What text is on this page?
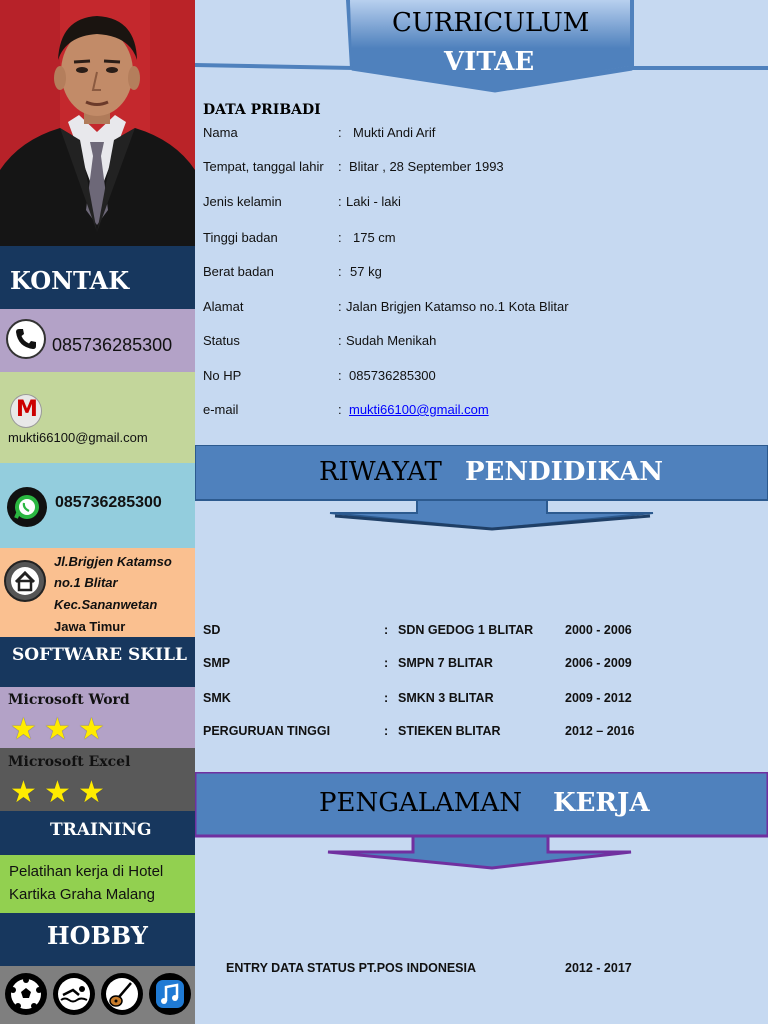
KONTAK
085736285300
M
mukti66100@gmail.com
085736285300
Jl.Brigjen Katamso
no.1 Blitar
Kec.Sananwetan
Jawa Timur
SOFTWARE SKILL
Microsoft Word
★ ★ ★
Microsoft Excel
★ ★ ★
TRAINING
Pelatihan kerja di Hotel Kartika Graha Malang
HOBBY
CURRICULUM
VITAE
DATA PRIBADI
Nama	: Mukti Andi Arif
Tempat, tanggal lahir : Blitar , 28 September 1993
Jenis kelamin	: Laki - laki
Tinggi badan	: 175 cm
Berat badan	: 57 kg
Alamat	: Jalan Brigjen Katamso no.1 Kota Blitar
Status	: Sudah Menikah
No HP	: 085736285300
e-mail	: mukti66100@gmail.com
RIWAYAT PENDIDIKAN
SD	: SDN GEDOG 1 BLITAR	2000 - 2006
SMP	: SMPN 7 BLITAR	2006 - 2009
SMK	: SMKN 3 BLITAR	2009 - 2012
PERGURUAN TINGGI	: STIEKEN BLITAR	2012 – 2016
PENGALAMAN KERJA
ENTRY DATA STATUS PT.POS INDONESIA	2012 - 2017
